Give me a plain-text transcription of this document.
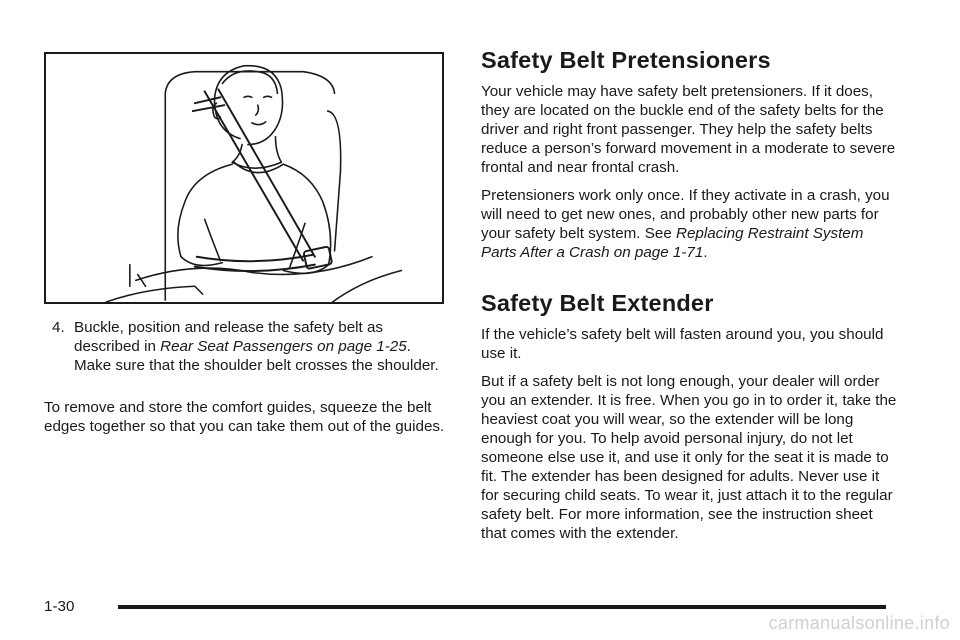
4. Buckle, position and release the safety belt as described in Rear Seat Passengers on page 1-25. Make sure that the shoulder belt crosses the shoulder.

To remove and store the comfort guides, squeeze the belt edges together so that you can take them out of the guides.

Safety Belt Pretensioners

Your vehicle may have safety belt pretensioners. If it does, they are located on the buckle end of the safety belts for the driver and right front passenger. They help the safety belts reduce a person’s forward movement in a moderate to severe frontal and near frontal crash.

Pretensioners work only once. If they activate in a crash, you will need to get new ones, and probably other new parts for your safety belt system. See Replacing Restraint System Parts After a Crash on page 1-71.

Safety Belt Extender

If the vehicle’s safety belt will fasten around you, you should use it.

But if a safety belt is not long enough, your dealer will order you an extender. It is free. When you go in to order it, take the heaviest coat you will wear, so the extender will be long enough for you. To help avoid personal injury, do not let someone else use it, and use it only for the seat it is made to fit. The extender has been designed for adults. Never use it for securing child seats. To wear it, just attach it to the regular safety belt. For more information, see the instruction sheet that comes with the extender.

1-30
carmanualsonline.info
